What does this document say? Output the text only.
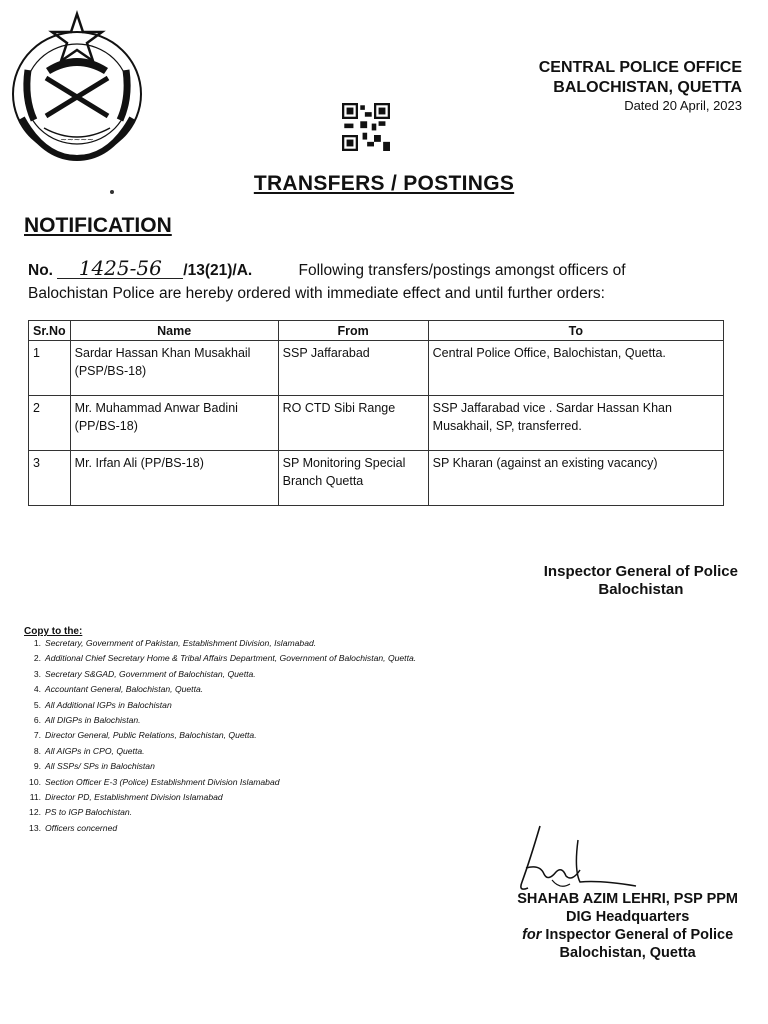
~~~~~
CENTRAL POLICE OFFICE
BALOCHISTAN, QUETTA
Dated 20 April, 2023
TRANSFERS / POSTINGS
NOTIFICATION
No. 1425-56 /13(21)/A.	Following transfers/postings amongst officers of
Balochistan Police are hereby ordered with immediate effect and until further orders:
Sr.No	Name	From	To
1	Sardar Hassan Khan Musakhail (PSP/BS-18)	SSP Jaffarabad	Central Police Office, Balochistan, Quetta.
2	Mr. Muhammad Anwar Badini (PP/BS-18)	RO CTD Sibi Range	SSP Jaffarabad vice . Sardar Hassan Khan Musakhail, SP, transferred.
3	Mr. Irfan Ali (PP/BS-18)	SP Monitoring Special Branch Quetta	SP Kharan (against an existing vacancy)
Inspector General of Police
Balochistan
Copy to the:
1. Secretary, Government of Pakistan, Establishment Division, Islamabad.
2. Additional Chief Secretary Home & Tribal Affairs Department, Government of Balochistan, Quetta.
3. Secretary S&GAD, Government of Balochistan, Quetta.
4. Accountant General, Balochistan, Quetta.
5. All Additional IGPs in Balochistan
6. All DIGPs in Balochistan.
7. Director General, Public Relations, Balochistan, Quetta.
8. All AIGPs in CPO, Quetta.
9. All SSPs/ SPs in Balochistan
10. Section Officer E-3 (Police) Establishment Division Islamabad
11. Director PD, Establishment Division Islamabad
12. PS to IGP Balochistan.
13. Officers concerned
SHAHAB AZIM LEHRI, PSP PPM
DIG Headquarters
for Inspector General of Police
Balochistan, Quetta
